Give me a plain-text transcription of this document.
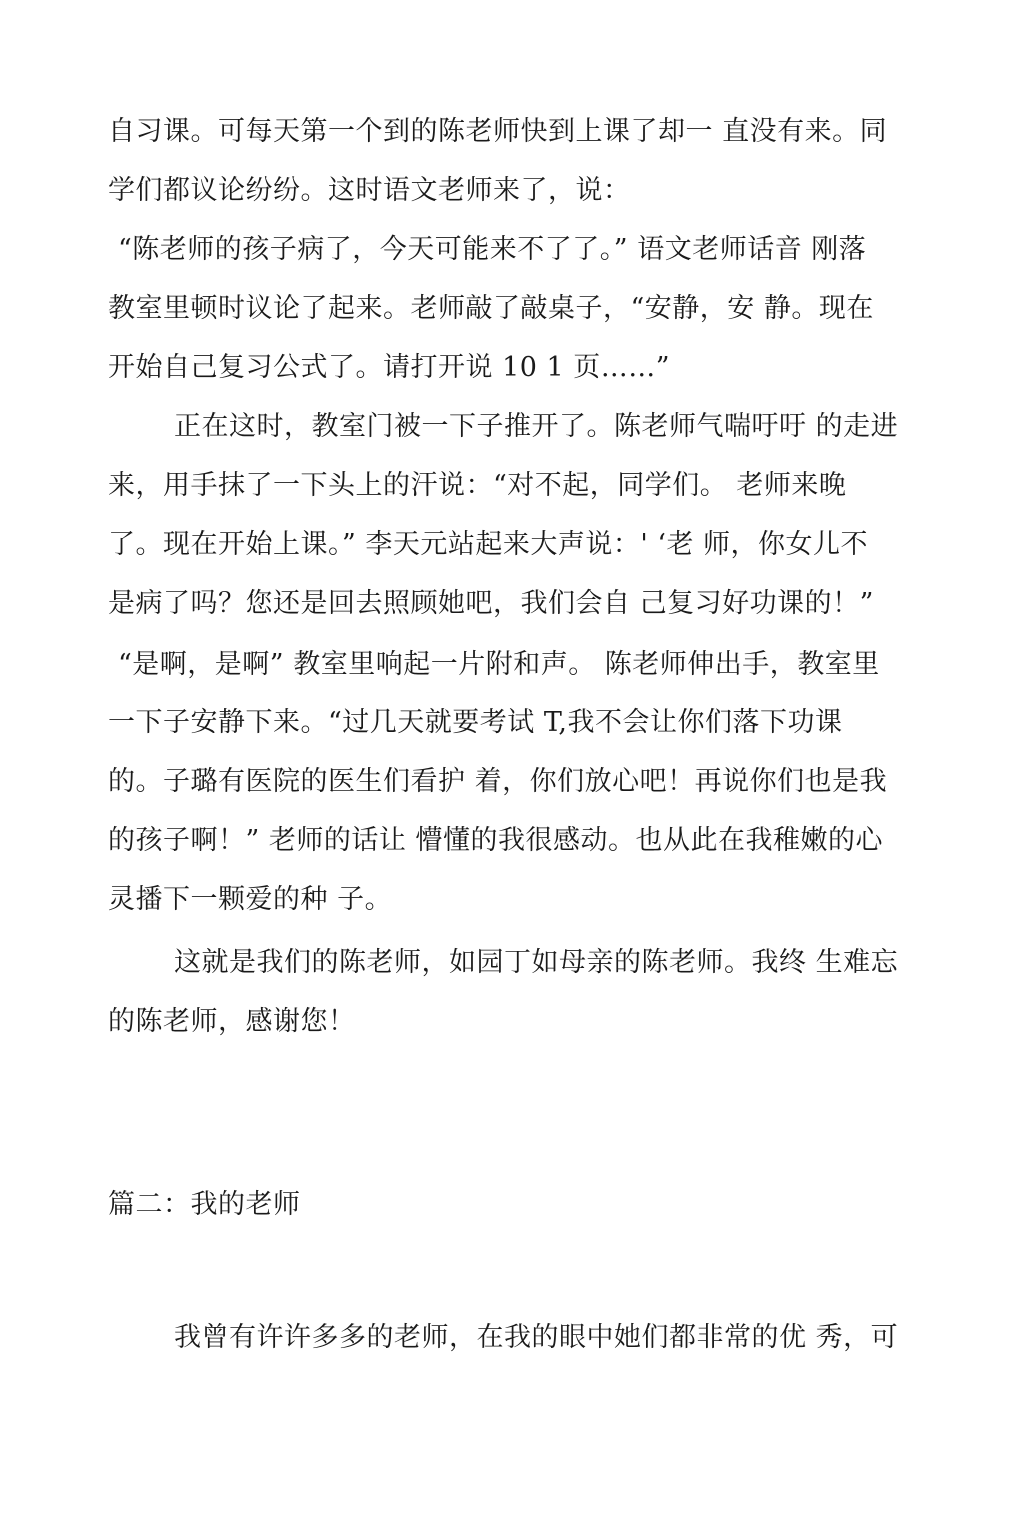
自习课。可每天第一个到的陈老师快到上课了却一 直没有来。同
学们都议论纷纷。这时语文老师来了，说：
“陈老师的孩子病了，今天可能来不了了。” 语文老师话音 刚落
教室里顿时议论了起来。老师敲了敲桌子，“安静，安 静。现在
开始自己复习公式了。请打开说 10 1 页……”
正在这时，教室门被一下子推开了。陈老师气喘吁吁 的走进
来，用手抹了一下头上的汗说：“对不起，同学们。 老师来晚
了。现在开始上课。” 李天元站起来大声说：' ‘老 师，你女儿不
是病了吗？您还是回去照顾她吧，我们会自 己复习好功课的！”
“是啊，是啊” 教室里响起一片附和声。 陈老师伸出手，教室里
一下子安静下来。“过几天就要考试 T,我不会让你们落下功课
的。子璐有医院的医生们看护 着，你们放心吧！再说你们也是我
的孩子啊！” 老师的话让 懵懂的我很感动。也从此在我稚嫩的心
灵播下一颗爱的种 子。
这就是我们的陈老师，如园丁如母亲的陈老师。我终 生难忘
的陈老师，感谢您！
篇二：我的老师
我曾有许许多多的老师，在我的眼中她们都非常的优 秀，可
